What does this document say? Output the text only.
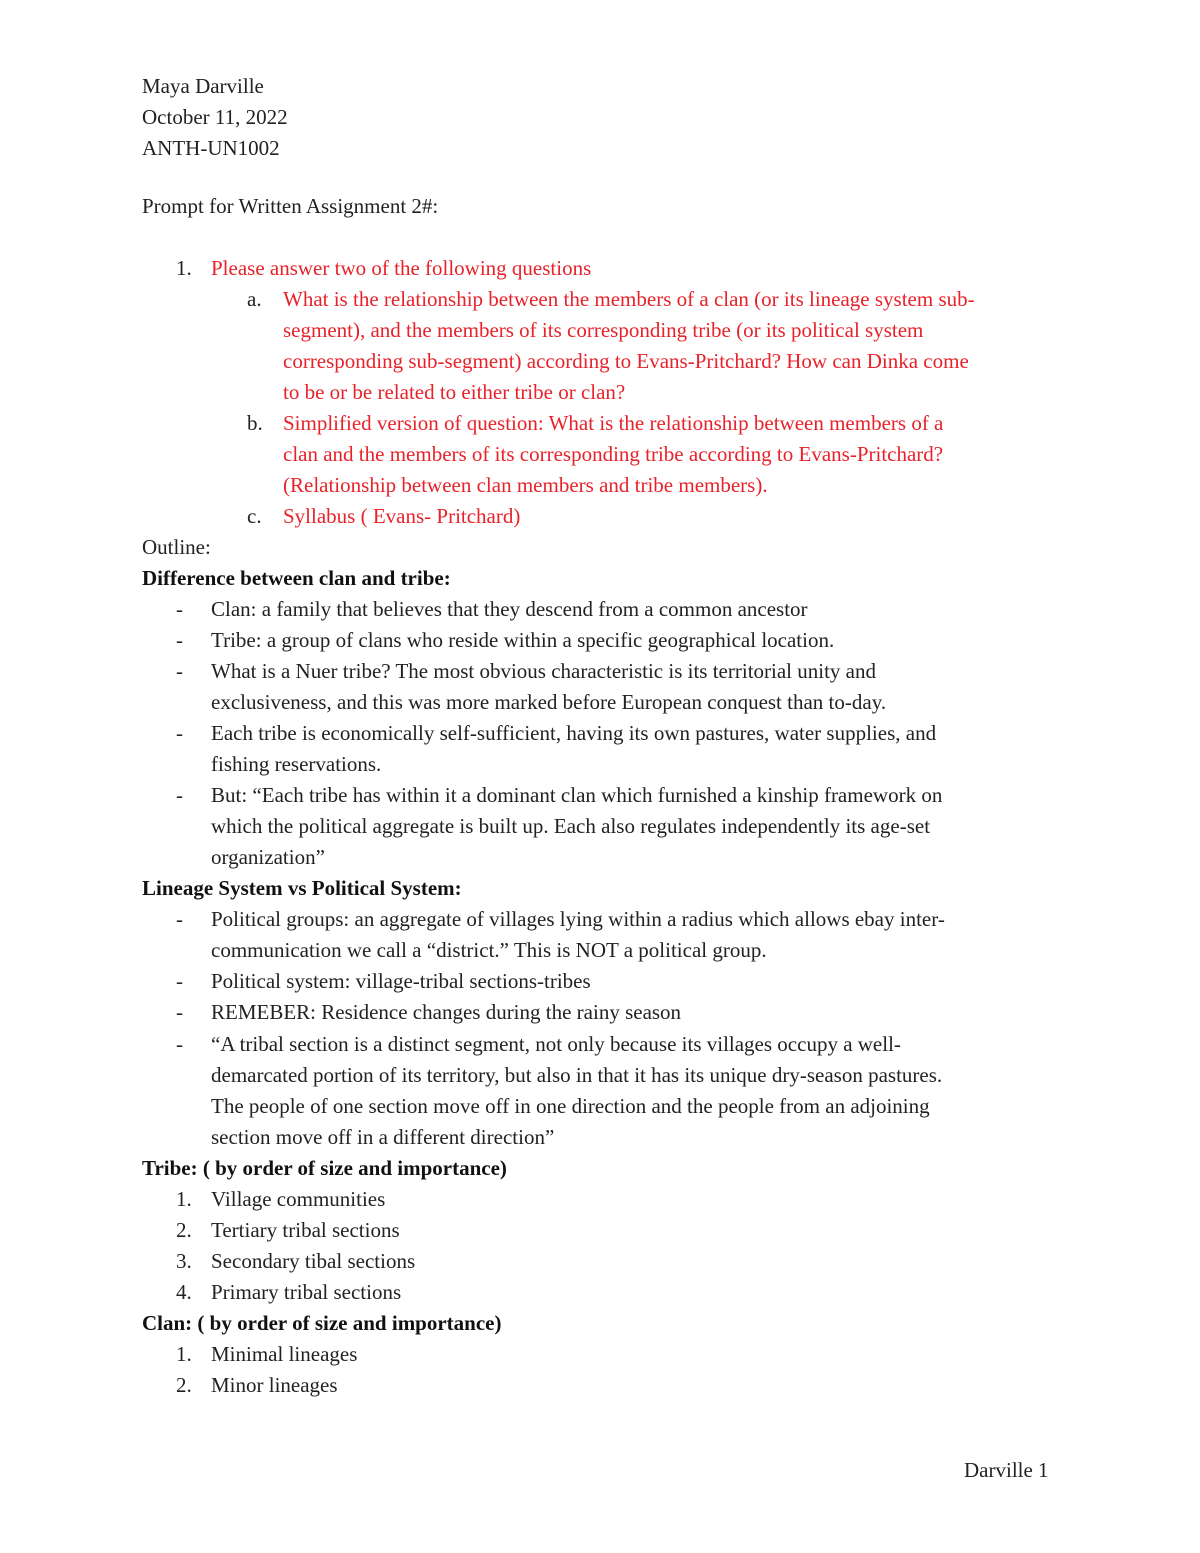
Maya Darville
October 11, 2022
ANTH-UN1002
Prompt for Written Assignment 2#:
1. Please answer two of the following questions
a. What is the relationship between the members of a clan (or its lineage system sub-
segment), and the members of its corresponding tribe (or its political system
corresponding sub-segment) according to Evans-Pritchard? How can Dinka come
to be or be related to either tribe or clan?
b. Simplified version of question: What is the relationship between members of a
clan and the members of its corresponding tribe according to Evans-Pritchard?
(Relationship between clan members and tribe members).
c. Syllabus ( Evans- Pritchard)
Outline:
Difference between clan and tribe:
- Clan: a family that believes that they descend from a common ancestor
- Tribe: a group of clans who reside within a specific geographical location.
- What is a Nuer tribe? The most obvious characteristic is its territorial unity and
exclusiveness, and this was more marked before European conquest than to-day.
- Each tribe is economically self-sufficient, having its own pastures, water supplies, and
fishing reservations.
- But: “Each tribe has within it a dominant clan which furnished a kinship framework on
which the political aggregate is built up. Each also regulates independently its age-set
organization”
Lineage System vs Political System:
- Political groups: an aggregate of villages lying within a radius which allows ebay inter-
communication we call a “district.” This is NOT a political group.
- Political system: village-tribal sections-tribes
- REMEBER: Residence changes during the rainy season
- “A tribal section is a distinct segment, not only because its villages occupy a well-
demarcated portion of its territory, but also in that it has its unique dry-season pastures.
The people of one section move off in one direction and the people from an adjoining
section move off in a different direction”
Tribe: ( by order of size and importance)
1. Village communities
2. Tertiary tribal sections
3. Secondary tibal sections
4. Primary tribal sections
Clan: ( by order of size and importance)
1. Minimal lineages
2. Minor lineages
Darville 1
